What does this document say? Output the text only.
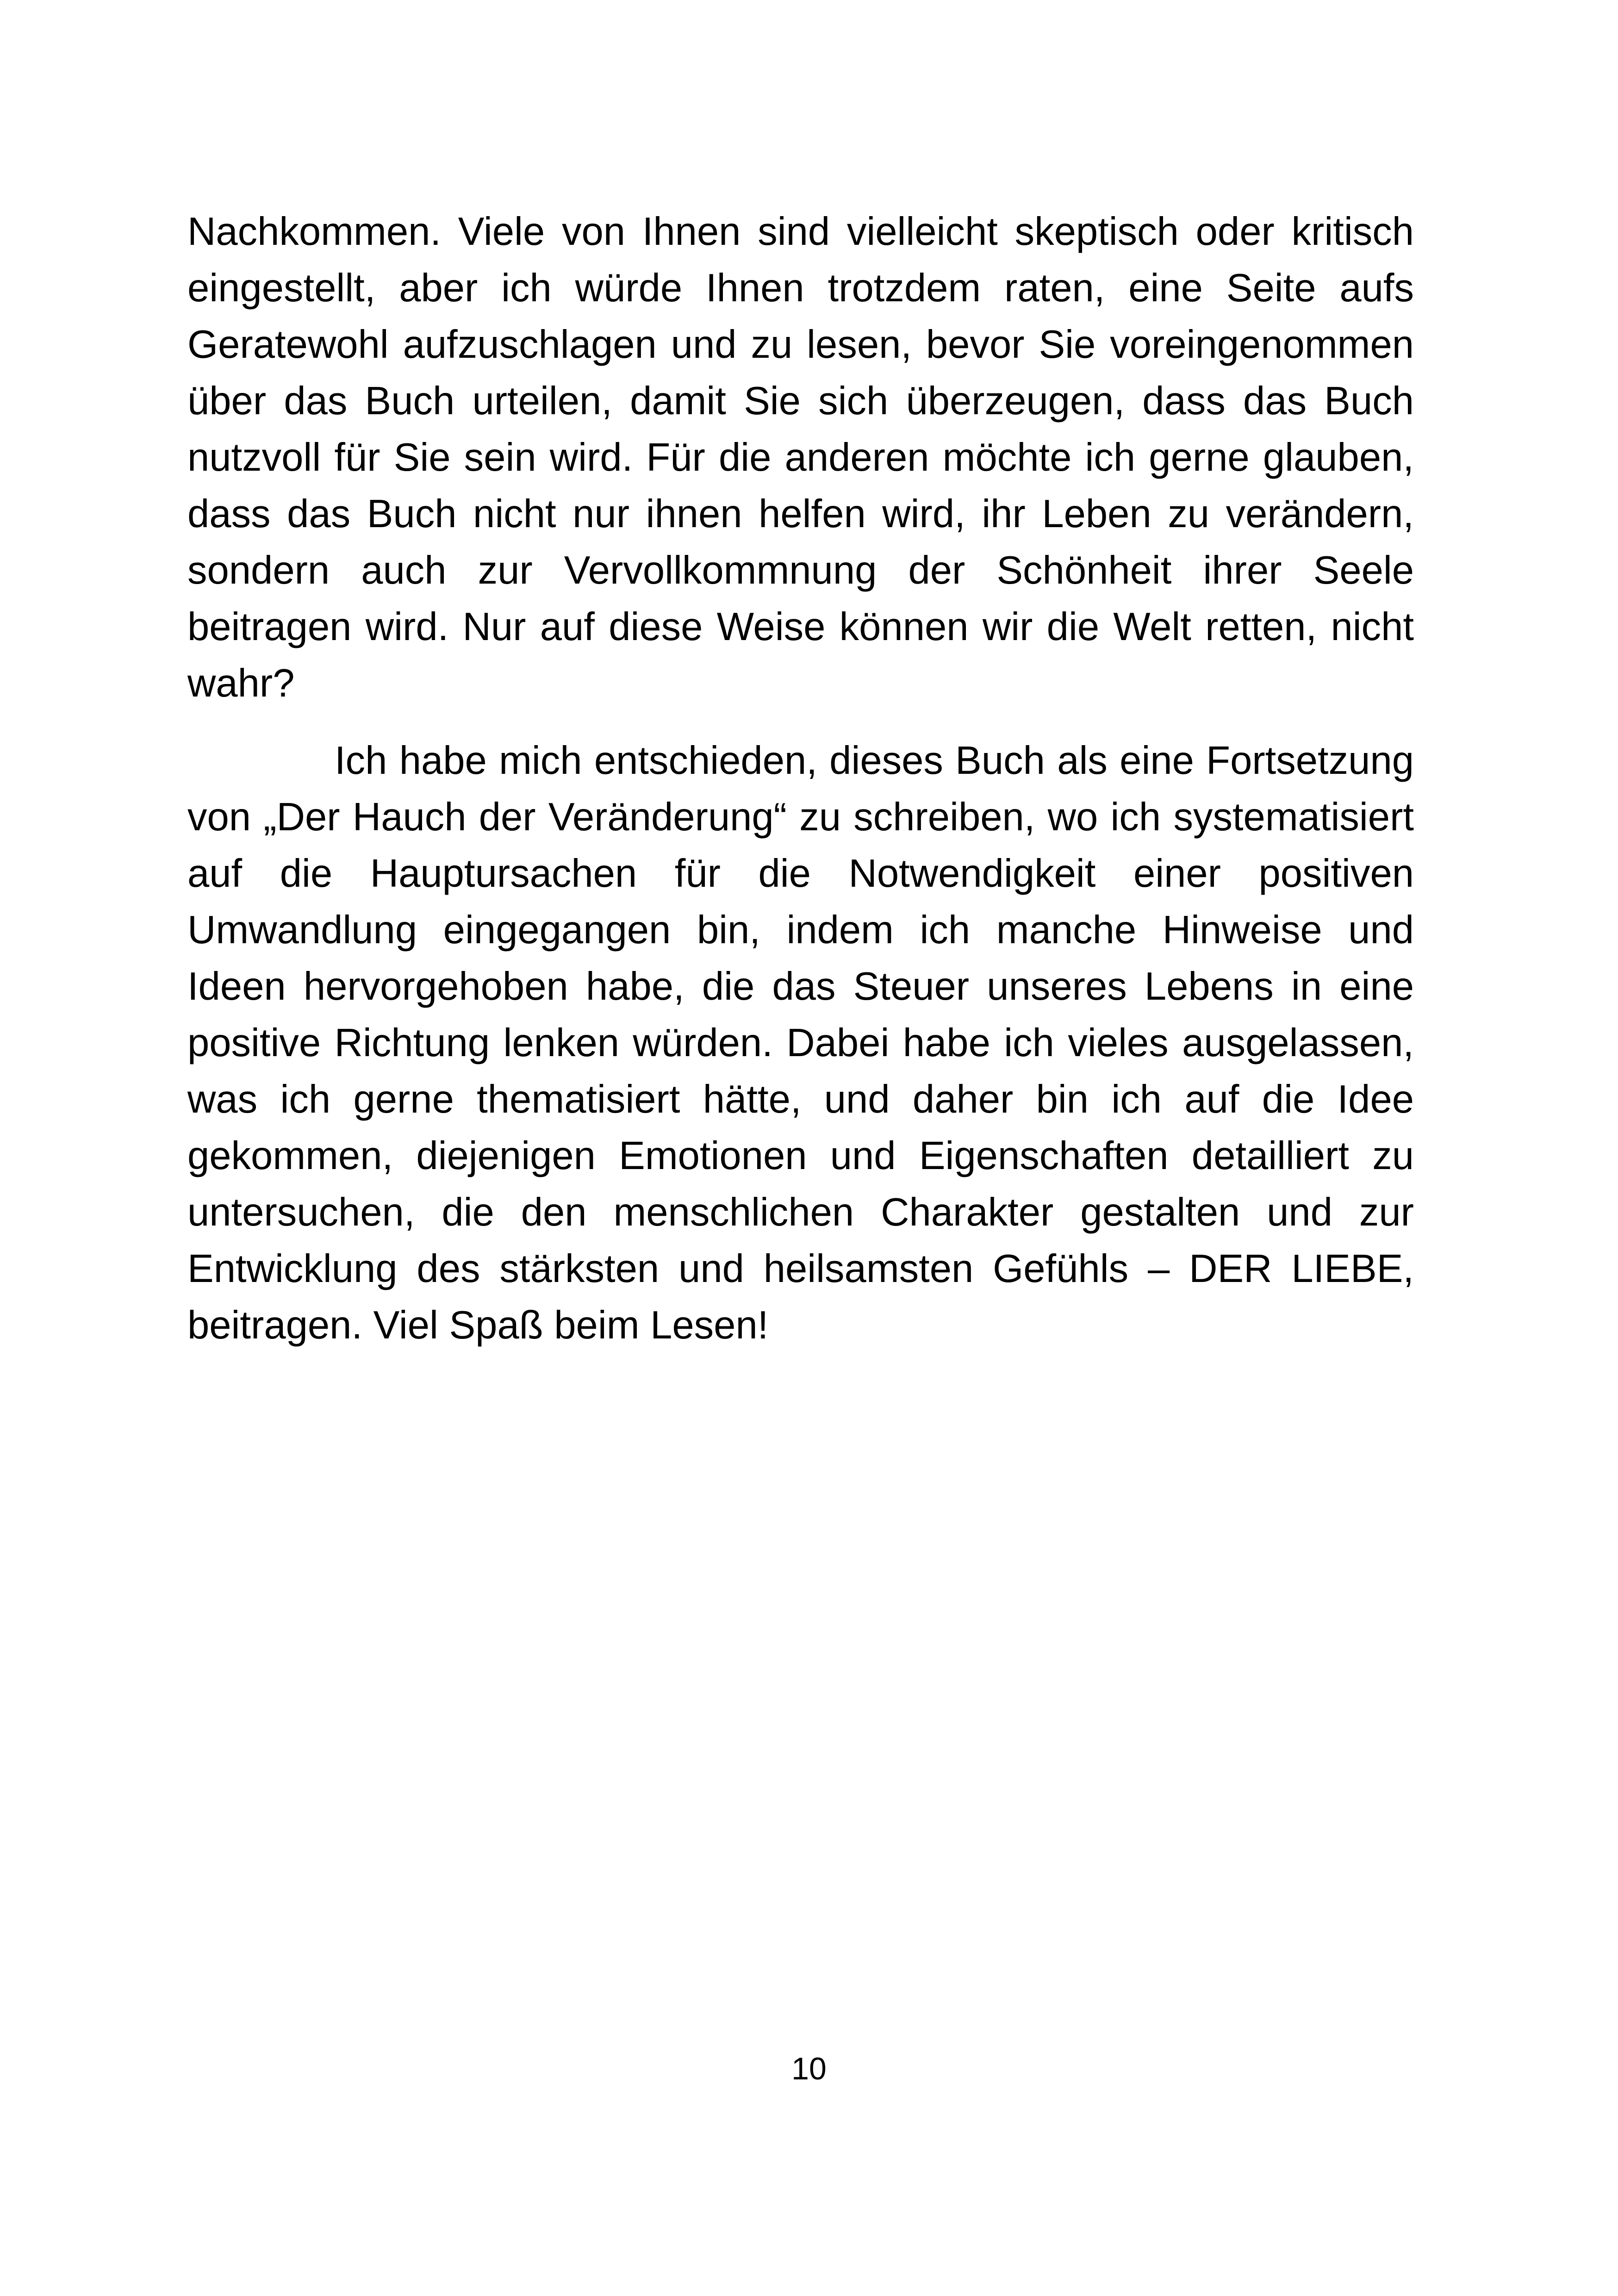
Nachkommen. Viele von Ihnen sind vielleicht skeptisch oder kritisch eingestellt, aber ich würde Ihnen trotzdem raten, eine Seite aufs Geratewohl aufzuschlagen und zu lesen, bevor Sie voreingenommen über das Buch urteilen, damit Sie sich überzeugen, dass das Buch nutzvoll für Sie sein wird. Für die anderen möchte ich gerne glauben, dass das Buch nicht nur ihnen helfen wird, ihr Leben zu verändern, sondern auch zur Vervollkommnung der Schönheit ihrer Seele beitragen wird. Nur auf diese Weise können wir die Welt retten, nicht wahr?

Ich habe mich entschieden, dieses Buch als eine Fortsetzung von „Der Hauch der Veränderung“ zu schreiben, wo ich systematisiert auf die Hauptursachen für die Notwendigkeit einer positiven Umwandlung eingegangen bin, indem ich manche Hinweise und Ideen hervorgehoben habe, die das Steuer unseres Lebens in eine positive Richtung lenken würden. Dabei habe ich vieles ausgelassen, was ich gerne thematisiert hätte, und daher bin ich auf die Idee gekommen, diejenigen Emotionen und Eigenschaften detailliert zu untersuchen, die den menschlichen Charakter gestalten und zur Entwicklung des stärksten und heilsamsten Gefühls – DER LIEBE, beitragen. Viel Spaß beim Lesen!

10
